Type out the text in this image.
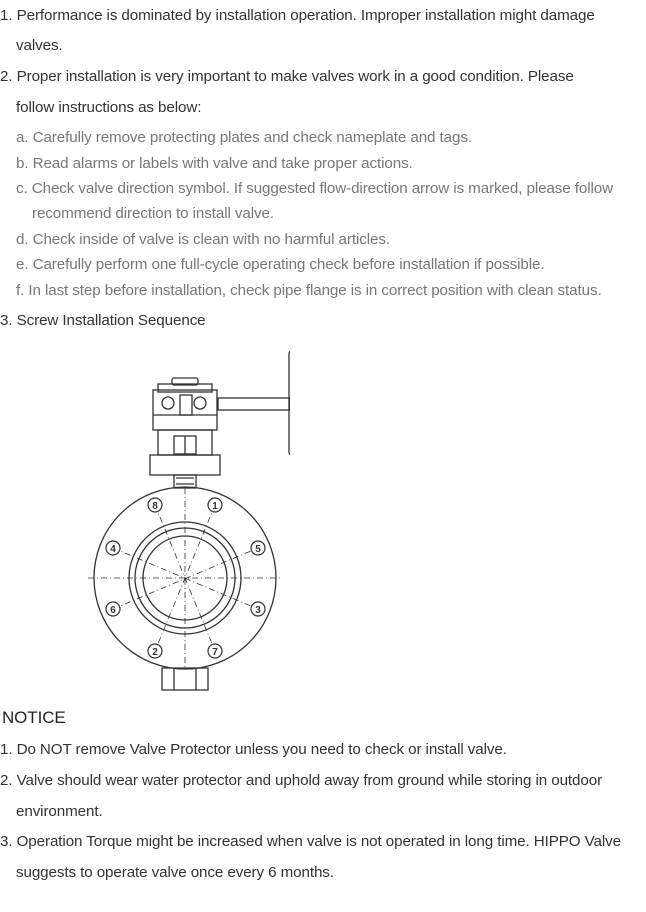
1. Performance is dominated by installation operation. Improper installation might damage
valves.
2. Proper installation is very important to make valves work in a good condition. Please
follow instructions as below:
a. Carefully remove protecting plates and check nameplate and tags.
b. Read alarms or labels with valve and take proper actions.
c. Check valve direction symbol. If suggested flow-direction arrow is marked, please follow
recommend direction to install valve.
d. Check inside of valve is clean with no harmful articles.
e. Carefully perform one full-cycle operating check before installation if possible.
f. In last step before installation, check pipe flange is in correct position with clean status.
3. Screw Installation Sequence
1
2
3
4	5
6
7
8
NOTICE
1. Do NOT remove Valve Protector unless you need to check or install valve.
2. Valve should wear water protector and uphold away from ground while storing in outdoor
environment.
3. Operation Torque might be increased when valve is not operated in long time. HIPPO Valve
suggests to operate valve once every 6 months.
